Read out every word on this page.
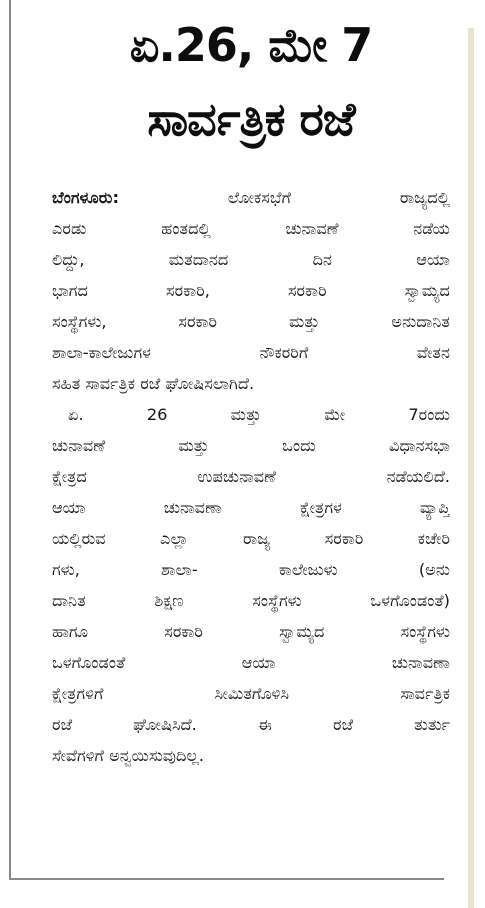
ಏ.26, ಮೇ 7
ಸಾರ್ವತ್ರಿಕ ರಜೆ
ಬೆಂಗಳೂರು:	ಲೋಕಸಭೆಗೆ ರಾಜ್ಯದಲ್ಲಿ
ಎರಡು ಹಂತದಲ್ಲಿ ಚುನಾವಣೆ ನಡೆಯ
ಲಿದ್ದು, ಮತದಾನದ ದಿನ ಆಯಾ
ಭಾಗದ ಸರಕಾರಿ, ಸರಕಾರಿ ಸ್ವಾಮ್ಯದ
ಸಂಸ್ಥೆಗಳು, ಸರಕಾರಿ ಮತ್ತು ಅನುದಾನಿತ
ಶಾಲಾ-ಕಾಲೇಜುಗಳ ನೌಕರರಿಗೆ ವೇತನ
ಸಹಿತ ಸಾರ್ವತ್ರಿಕ ರಜೆ ಘೋಷಿಸಲಾಗಿದೆ.
ಏ. 26 ಮತ್ತು ಮೇ 7ರಂದು
ಚುನಾವಣೆ ಮತ್ತು ಒಂದು ವಿಧಾನಸಭಾ
ಕ್ಷೇತ್ರದ ಉಪಚುನಾವಣೆ ನಡೆಯಲಿದೆ.
ಆಯಾ ಚುನಾವಣಾ ಕ್ಷೇತ್ರಗಳ ವ್ಯಾಪ್ತಿ
ಯಲ್ಲಿರುವ ಎಲ್ಲಾ ರಾಜ್ಯ ಸರಕಾರಿ ಕಚೇರಿ
ಗಳು, ಶಾಲಾ- ಕಾಲೇಜುಳು (ಅನು
ದಾನಿತ ಶಿಕ್ಷಣ ಸಂಸ್ಥೆಗಳು ಒಳಗೊಂಡಂತೆ)
ಹಾಗೂ ಸರಕಾರಿ ಸ್ವಾಮ್ಯದ ಸಂಸ್ಥೆಗಳು
ಒಳಗೊಂಡಂತೆ ಆಯಾ ಚುನಾವಣಾ
ಕ್ಷೇತ್ರಗಳಿಗೆ ಸೀಮಿತಗೊಳಿಸಿ ಸಾರ್ವತ್ರಿಕ
ರಜೆ ಘೋಷಿಸಿದೆ. ಈ ರಜೆ ತುರ್ತು
ಸೇವೆಗಳಿಗೆ ಅನ್ವಯಿಸುವುದಿಲ್ಲ.
